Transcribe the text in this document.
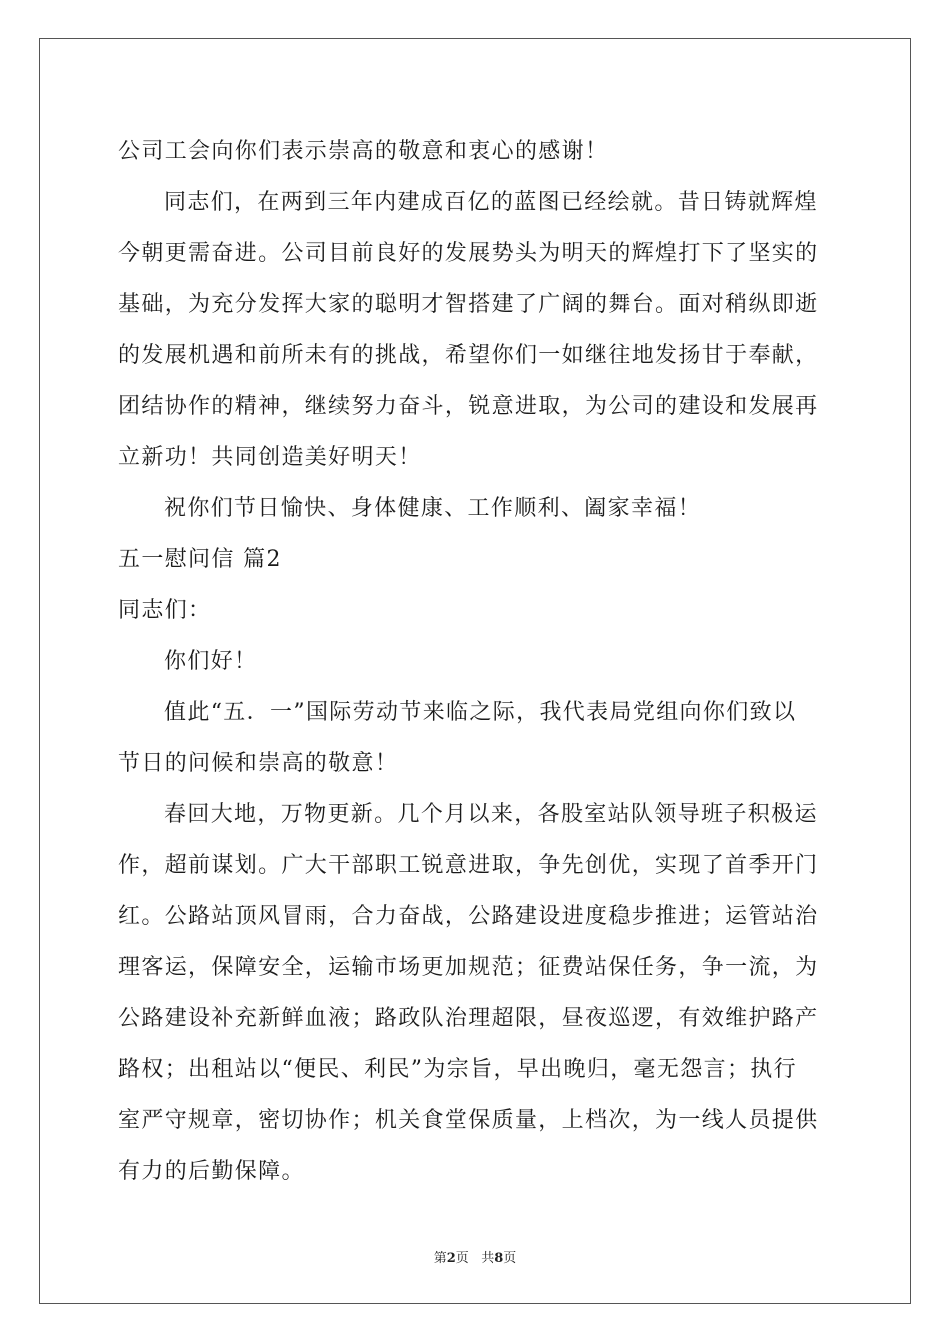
公司工会向你们表示崇高的敬意和衷心的感谢！
同志们，在两到三年内建成百亿的蓝图已经绘就。昔日铸就辉煌
今朝更需奋进。公司目前良好的发展势头为明天的辉煌打下了坚实的
基础，为充分发挥大家的聪明才智搭建了广阔的舞台。面对稍纵即逝
的发展机遇和前所未有的挑战，希望你们一如继往地发扬甘于奉献，
团结协作的精神，继续努力奋斗，锐意进取，为公司的建设和发展再
立新功！共同创造美好明天！
祝你们节日愉快、身体健康、工作顺利、阖家幸福！
五一慰问信 篇2
同志们：
你们好！
值此“五．一”国际劳动节来临之际，我代表局党组向你们致以
节日的问候和崇高的敬意！
春回大地，万物更新。几个月以来，各股室站队领导班子积极运
作，超前谋划。广大干部职工锐意进取，争先创优，实现了首季开门
红。公路站顶风冒雨，合力奋战，公路建设进度稳步推进；运管站治
理客运，保障安全，运输市场更加规范；征费站保任务，争一流，为
公路建设补充新鲜血液；路政队治理超限，昼夜巡逻，有效维护路产
路权；出租站以“便民、利民”为宗旨，早出晚归，毫无怨言；执行
室严守规章，密切协作；机关食堂保质量，上档次，为一线人员提供
有力的后勤保障。
第2页 共8页
